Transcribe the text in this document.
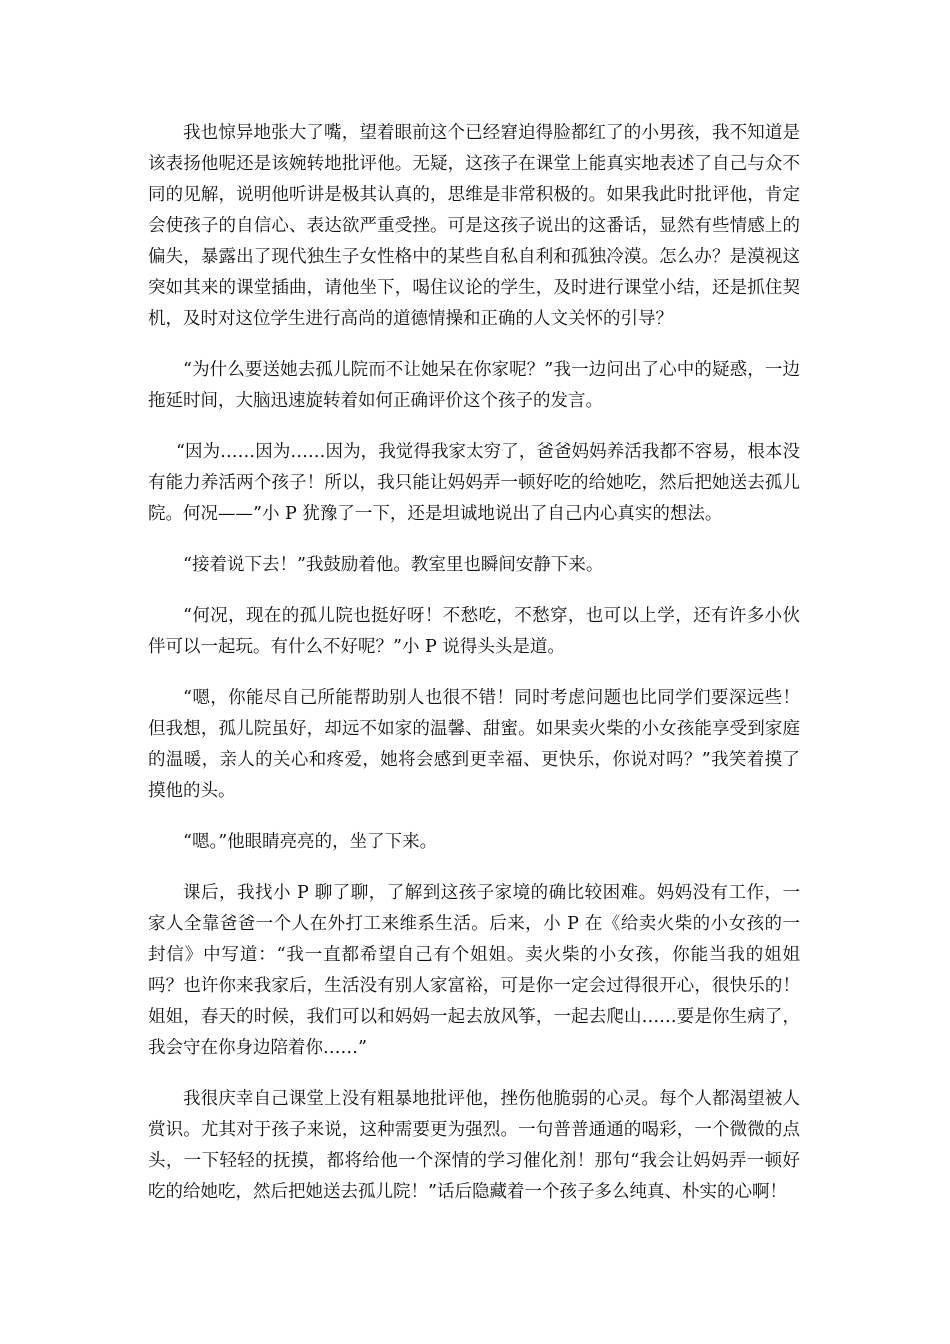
我也惊异地张大了嘴，望着眼前这个已经窘迫得脸都红了的小男孩，我不知道是该表扬他呢还是该婉转地批评他。无疑，这孩子在课堂上能真实地表述了自己与众不同的见解，说明他听讲是极其认真的，思维是非常积极的。如果我此时批评他，肯定会使孩子的自信心、表达欲严重受挫。可是这孩子说出的这番话，显然有些情感上的偏失，暴露出了现代独生子女性格中的某些自私自利和孤独冷漠。怎么办？是漠视这突如其来的课堂插曲，请他坐下，喝住议论的学生，及时进行课堂小结，还是抓住契机，及时对这位学生进行高尚的道德情操和正确的人文关怀的引导？

“为什么要送她去孤儿院而不让她呆在你家呢？”我一边问出了心中的疑惑，一边拖延时间，大脑迅速旋转着如何正确评价这个孩子的发言。

“因为……因为……因为，我觉得我家太穷了，爸爸妈妈养活我都不容易，根本没有能力养活两个孩子！所以，我只能让妈妈弄一顿好吃的给她吃，然后把她送去孤儿院。何况——”小 P 犹豫了一下，还是坦诚地说出了自己内心真实的想法。

“接着说下去！”我鼓励着他。教室里也瞬间安静下来。

“何况，现在的孤儿院也挺好呀！不愁吃，不愁穿，也可以上学，还有许多小伙伴可以一起玩。有什么不好呢？”小 P 说得头头是道。

“嗯，你能尽自己所能帮助别人也很不错！同时考虑问题也比同学们要深远些！但我想，孤儿院虽好，却远不如家的温馨、甜蜜。如果卖火柴的小女孩能享受到家庭的温暖，亲人的关心和疼爱，她将会感到更幸福、更快乐，你说对吗？”我笑着摸了摸他的头。

“嗯。”他眼睛亮亮的，坐了下来。

课后，我找小 P 聊了聊，了解到这孩子家境的确比较困难。妈妈没有工作，一家人全靠爸爸一个人在外打工来维系生活。后来，小 P 在《给卖火柴的小女孩的一封信》中写道：“我一直都希望自己有个姐姐。卖火柴的小女孩，你能当我的姐姐吗？也许你来我家后，生活没有别人家富裕，可是你一定会过得很开心，很快乐的！姐姐，春天的时候，我们可以和妈妈一起去放风筝，一起去爬山……要是你生病了，我会守在你身边陪着你……”

我很庆幸自己课堂上没有粗暴地批评他，挫伤他脆弱的心灵。每个人都渴望被人赏识。尤其对于孩子来说，这种需要更为强烈。一句普普通通的喝彩，一个微微的点头，一下轻轻的抚摸，都将给他一个深情的学习催化剂！那句“我会让妈妈弄一顿好吃的给她吃，然后把她送去孤儿院！”话后隐藏着一个孩子多么纯真、朴实的心啊！
